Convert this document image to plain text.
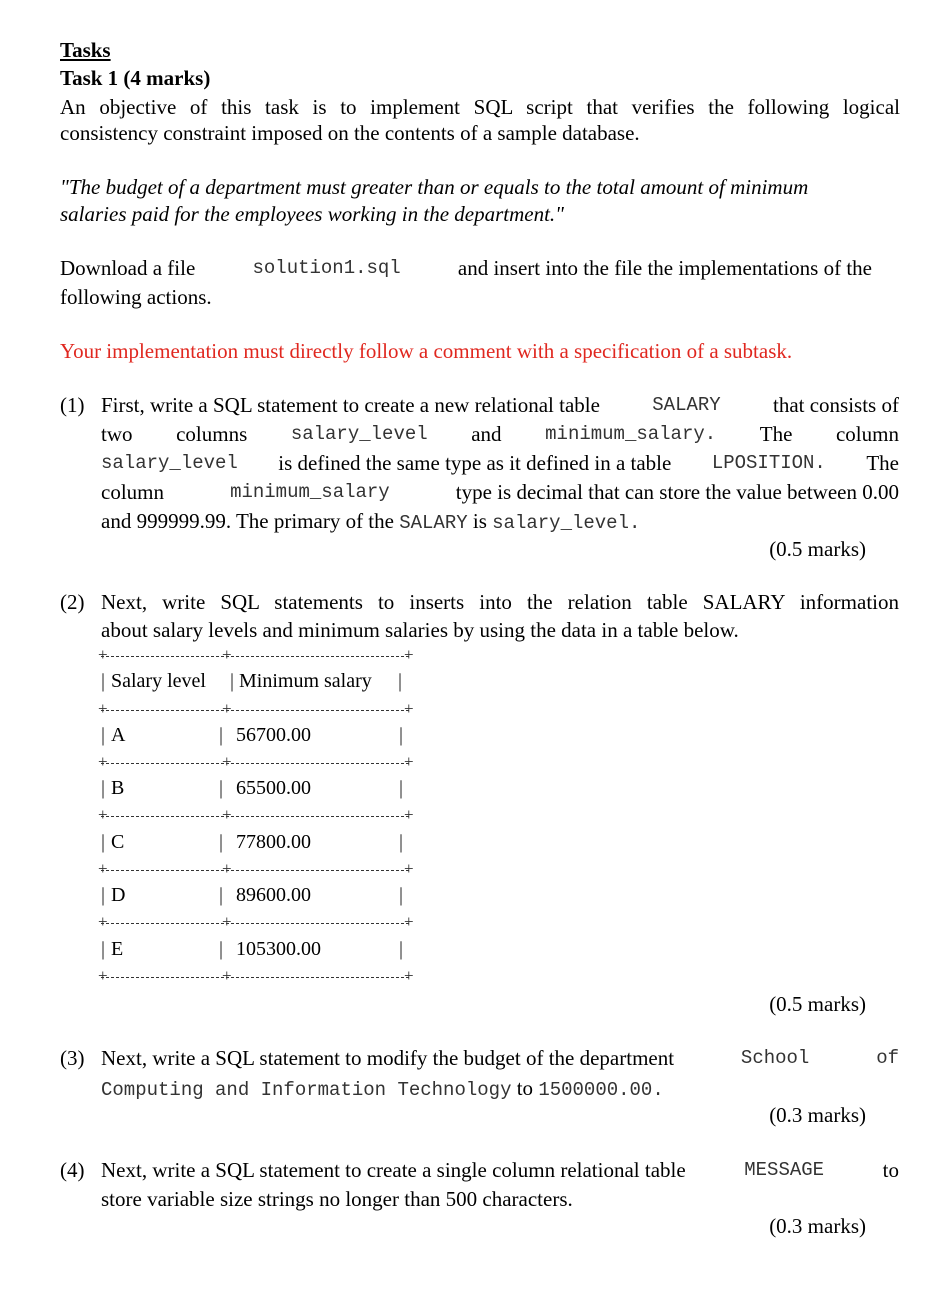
Tasks
Task 1 (4 marks)
An objective of this task is to implement SQL script that verifies the following logical
consistency constraint imposed on the contents of a sample database.
"The budget of a department must greater than or equals to the total amount of minimum
salaries paid for the employees working in the department."
Download a file	solution1.sql	and insert into the file the implementations of the
following actions.
Your implementation must directly follow a comment with a specification of a subtask.
(1) First, write a SQL statement to create a new relational table	SALARY that consists of
two columns salary_level and minimum_salary. The column
salary_level is defined the same type as it defined in a table LPOSITION. The
column	minimum_salary	type is decimal that can store the value between 0.00
and 999999.99. The primary of the SALARY is salary_level.
(0.5 marks)
(2) Next, write SQL statements to inserts into the relation table SALARY information
about salary levels and minimum salaries by using the data in a table below.
+	+	+
+	+	+
+	+	+
+	+	+
+	+	+
+	+	+
+	+	+
| Salary level | Minimum salary |
| A	| 56700.00	|
| B	| 65500.00	|
| C	| 77800.00	|
| D	| 89600.00	|
| E	| 105300.00	|
(0.5 marks)
(3) Next, write a SQL statement to modify the budget of the department	School	of
Computing and Information Technology to 1500000.00.
(0.3 marks)
(4) Next, write a SQL statement to create a single column relational table	MESSAGE	to
store variable size strings no longer than 500 characters.
(0.3 marks)
